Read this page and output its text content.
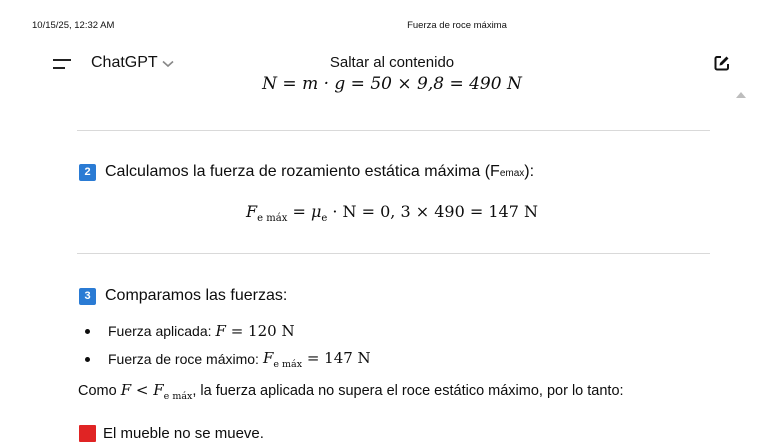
10/15/25, 12:32 AM	Fuerza de roce máxima
ChatGPT	Saltar al contenido
N = m · g = 50 × 9,8 = 490 N
2 Calculamos la fuerza de rozamiento estática máxima (Femax):
$F_{e máx} = \mu_e \cdot N = 0$, 3 × 490 = 147 N
3 Comparamos las fuerzas:
Fuerza aplicada: F = 120 N
Fuerza de roce máximo: $F_{e máx} = 147$ N
Como $F < F_{e máx}$, la fuerza aplicada no supera el roce estático máximo, por lo tanto:
El mueble no se mueve.
